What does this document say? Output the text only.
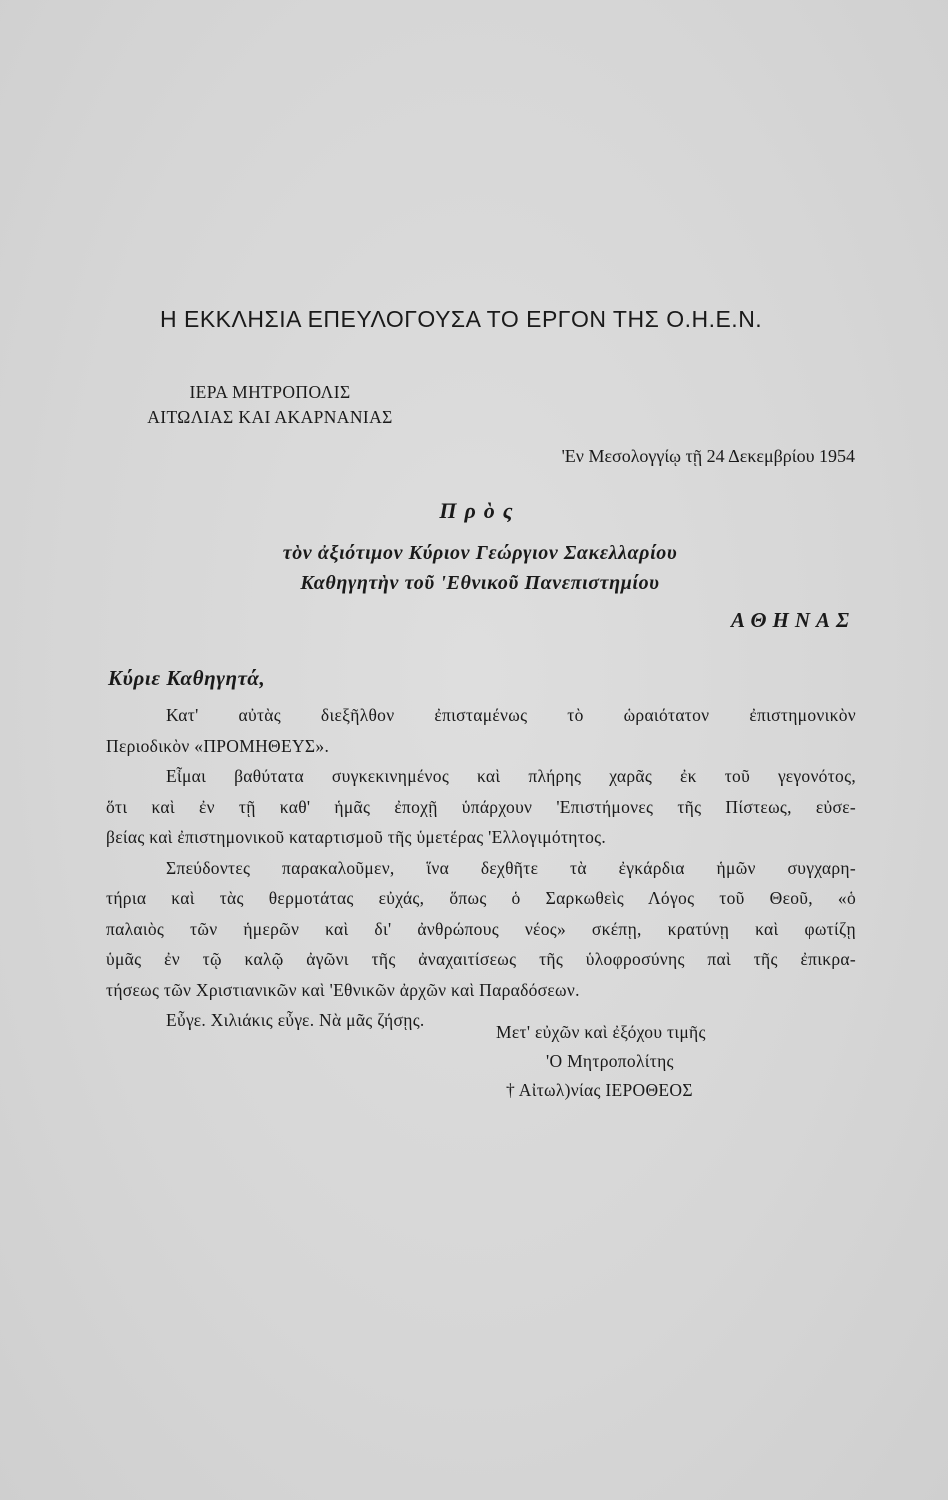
Η ΕΚΚΛΗΣΙΑ ΕΠΕΥΛΟΓΟΥΣΑ ΤΟ ΕΡΓΟΝ ΤΗΣ Ο.Η.Ε.Ν.
ΙΕΡΑ ΜΗΤΡΟΠΟΛΙΣ
ΑΙΤΩΛΙΑΣ ΚΑΙ ΑΚΑΡΝΑΝΙΑΣ
'Εν Μεσολογγίῳ τῇ 24 Δεκεμβρίου 1954
Πρὸς
τὸν ἀξιότιμον Κύριον Γεώργιον Σακελλαρίου
Καθηγητὴν τοῦ 'Εθνικοῦ Πανεπιστημίου
ΑΘΗΝΑΣ
Κύριε Καθηγητά,
Κατ' αὐτὰς διεξῆλθον ἐπισταμένως τὸ ὡραιότατον ἐπιστημονικὸν
Περιοδικὸν «ΠΡΟΜΗΘΕΥΣ».
Εἶμαι βαθύτατα συγκεκινημένος καὶ πλήρης χαρᾶς ἐκ τοῦ γεγονότος,
ὅτι καὶ ἐν τῇ καθ' ἡμᾶς ἐποχῇ ὑπάρχουν 'Επιστήμονες τῆς Πίστεως, εὐσε-
βείας καὶ ἐπιστημονικοῦ καταρτισμοῦ τῆς ὑμετέρας 'Ελλογιμότητος.
Σπεύδοντες παρακαλοῦμεν, ἵνα δεχθῆτε τὰ ἐγκάρδια ἡμῶν συγχαρη-
τήρια καὶ τὰς θερμοτάτας εὐχάς, ὅπως ὁ Σαρκωθεὶς Λόγος τοῦ Θεοῦ, «ὁ
παλαιὸς τῶν ἡμερῶν καὶ δι' ἀνθρώπους νέος» σκέπῃ, κρατύνῃ καὶ φωτίζῃ
ὑμᾶς ἐν τῷ καλῷ ἀγῶνι τῆς ἀναχαιτίσεως τῆς ὑλοφροσύνης παὶ τῆς ἐπικρα-
τήσεως τῶν Χριστιανικῶν καὶ 'Εθνικῶν ἀρχῶν καὶ Παραδόσεων.
Εὖγε. Χιλιάκις εὖγε. Νὰ μᾶς ζήσῃς.
Μετ' εὐχῶν καὶ ἐξόχου τιμῆς
'Ο Μητροπολίτης
† Αἰτωλ)νίας ΙΕΡΟΘΕΟΣ
